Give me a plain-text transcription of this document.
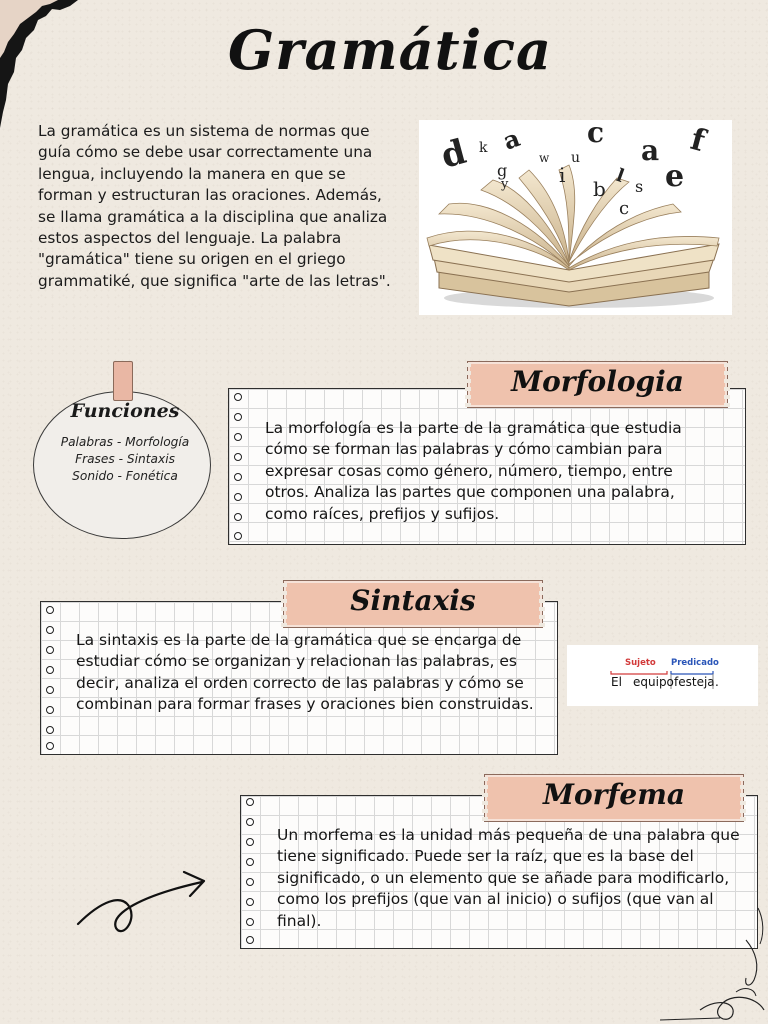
Gramática
La gramática es un sistema de normas que guía cómo se debe usar correctamente una lengua, incluyendo la manera en que se forman y estructuran las oraciones. Además, se llama gramática a la disciplina que analiza estos aspectos del lenguaje. La palabra "gramática" tiene su origen en el griego grammatiké, que significa "arte de las letras".
d k a
w
c
a f
g
u
i	l
y	b s e
c
Funciones
Palabras - Morfología
Frases - Sintaxis
Sonido - Fonética
La morfología es la parte de la gramática que estudia cómo se forman las palabras y cómo cambian para expresar cosas como género, número, tiempo, entre otros. Analiza las partes que componen una palabra, como raíces, prefijos y sufijos.
Morfologia
La sintaxis es la parte de la gramática que se encarga de estudiar cómo se organizan y relacionan las palabras, es decir, analiza el orden correcto de las palabras y cómo se combinan para formar frases y oraciones bien construidas.
Sintaxis
Sujeto Predicado
El equipo festeja .
Un morfema es la unidad más pequeña de una palabra que tiene significado. Puede ser la raíz, que es la base del significado, o un elemento que se añade para modificarlo, como los prefijos (que van al inicio) o sufijos (que van al final).
Morfema
